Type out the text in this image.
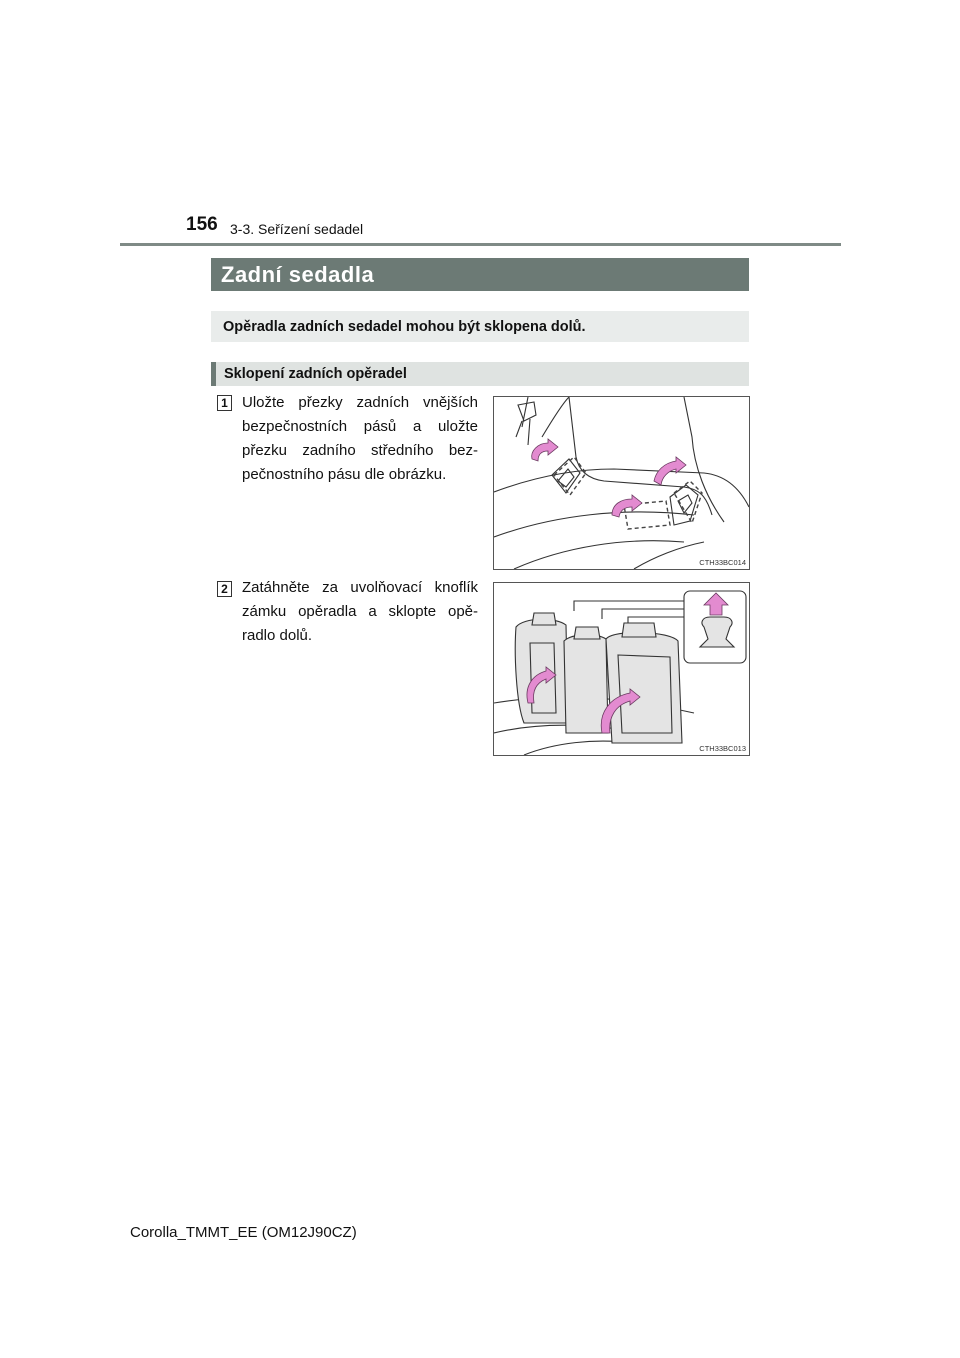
156 3-3. Seřízení sedadel
Zadní sedadla
Opěradla zadních sedadel mohou být sklopena dolů.
Sklopení zadních opěradel
1 Uložte přezky zadních vnějších bezpečnostních pásů a uložte přezku zadního středního bez-pečnostního pásu dle obrázku.
CTH33BC014
2 Zatáhněte za uvolňovací knoflík zámku opěradla a sklopte opě-radlo dolů.
CTH33BC013
Corolla_TMMT_EE (OM12J90CZ)
